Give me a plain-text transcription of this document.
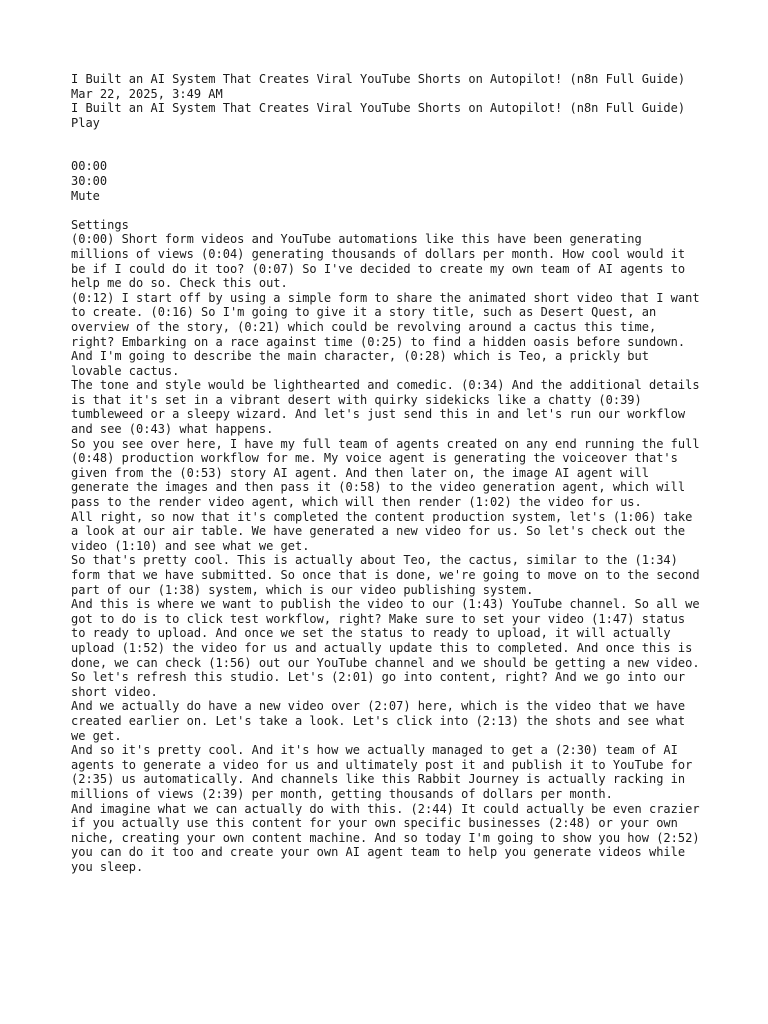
I Built an AI System That Creates Viral YouTube Shorts on Autopilot! (n8n Full Guide)
Mar 22, 2025, 3:49 AM
I Built an AI System That Creates Viral YouTube Shorts on Autopilot! (n8n Full Guide)
Play
00:00
30:00
Mute
Settings

(0:00) Short form videos and YouTube automations like this have been generating millions of views (0:04) generating thousands of dollars per month. How cool would it be if I could do it too? (0:07) So I've decided to create my own team of AI agents to help me do so. Check this out.

(0:12) I start off by using a simple form to share the animated short video that I want to create. (0:16) So I'm going to give it a story title, such as Desert Quest, an overview of the story, (0:21) which could be revolving around a cactus this time, right? Embarking on a race against time (0:25) to find a hidden oasis before sundown. And I'm going to describe the main character, (0:28) which is Teo, a prickly but lovable cactus.

The tone and style would be lighthearted and comedic. (0:34) And the additional details is that it's set in a vibrant desert with quirky sidekicks like a chatty (0:39) tumbleweed or a sleepy wizard. And let's just send this in and let's run our workflow and see (0:43) what happens.

So you see over here, I have my full team of agents created on any end running the full (0:48) production workflow for me. My voice agent is generating the voiceover that's given from the (0:53) story AI agent. And then later on, the image AI agent will generate the images and then pass it (0:58) to the video generation agent, which will pass to the render video agent, which will then render (1:02) the video for us.

All right, so now that it's completed the content production system, let's (1:06) take a look at our air table. We have generated a new video for us. So let's check out the video (1:10) and see what we get.

So that's pretty cool. This is actually about Teo, the cactus, similar to the (1:34) form that we have submitted. So once that is done, we're going to move on to the second part of our (1:38) system, which is our video publishing system.

And this is where we want to publish the video to our (1:43) YouTube channel. So all we got to do is to click test workflow, right? Make sure to set your video (1:47) status to ready to upload. And once we set the status to ready to upload, it will actually upload (1:52) the video for us and actually update this to completed. And once this is done, we can check (1:56) out our YouTube channel and we should be getting a new video. So let's refresh this studio. Let's (2:01) go into content, right? And we go into our short video.

And we actually do have a new video over (2:07) here, which is the video that we have created earlier on. Let's take a look. Let's click into (2:13) the shots and see what we get.

And so it's pretty cool. And it's how we actually managed to get a (2:30) team of AI agents to generate a video for us and ultimately post it and publish it to YouTube for (2:35) us automatically. And channels like this Rabbit Journey is actually racking in millions of views (2:39) per month, getting thousands of dollars per month.

And imagine what we can actually do with this. (2:44) It could actually be even crazier if you actually use this content for your own specific businesses (2:48) or your own niche, creating your own content machine. And so today I'm going to show you how (2:52) you can do it too and create your own AI agent team to help you generate videos while you sleep.
